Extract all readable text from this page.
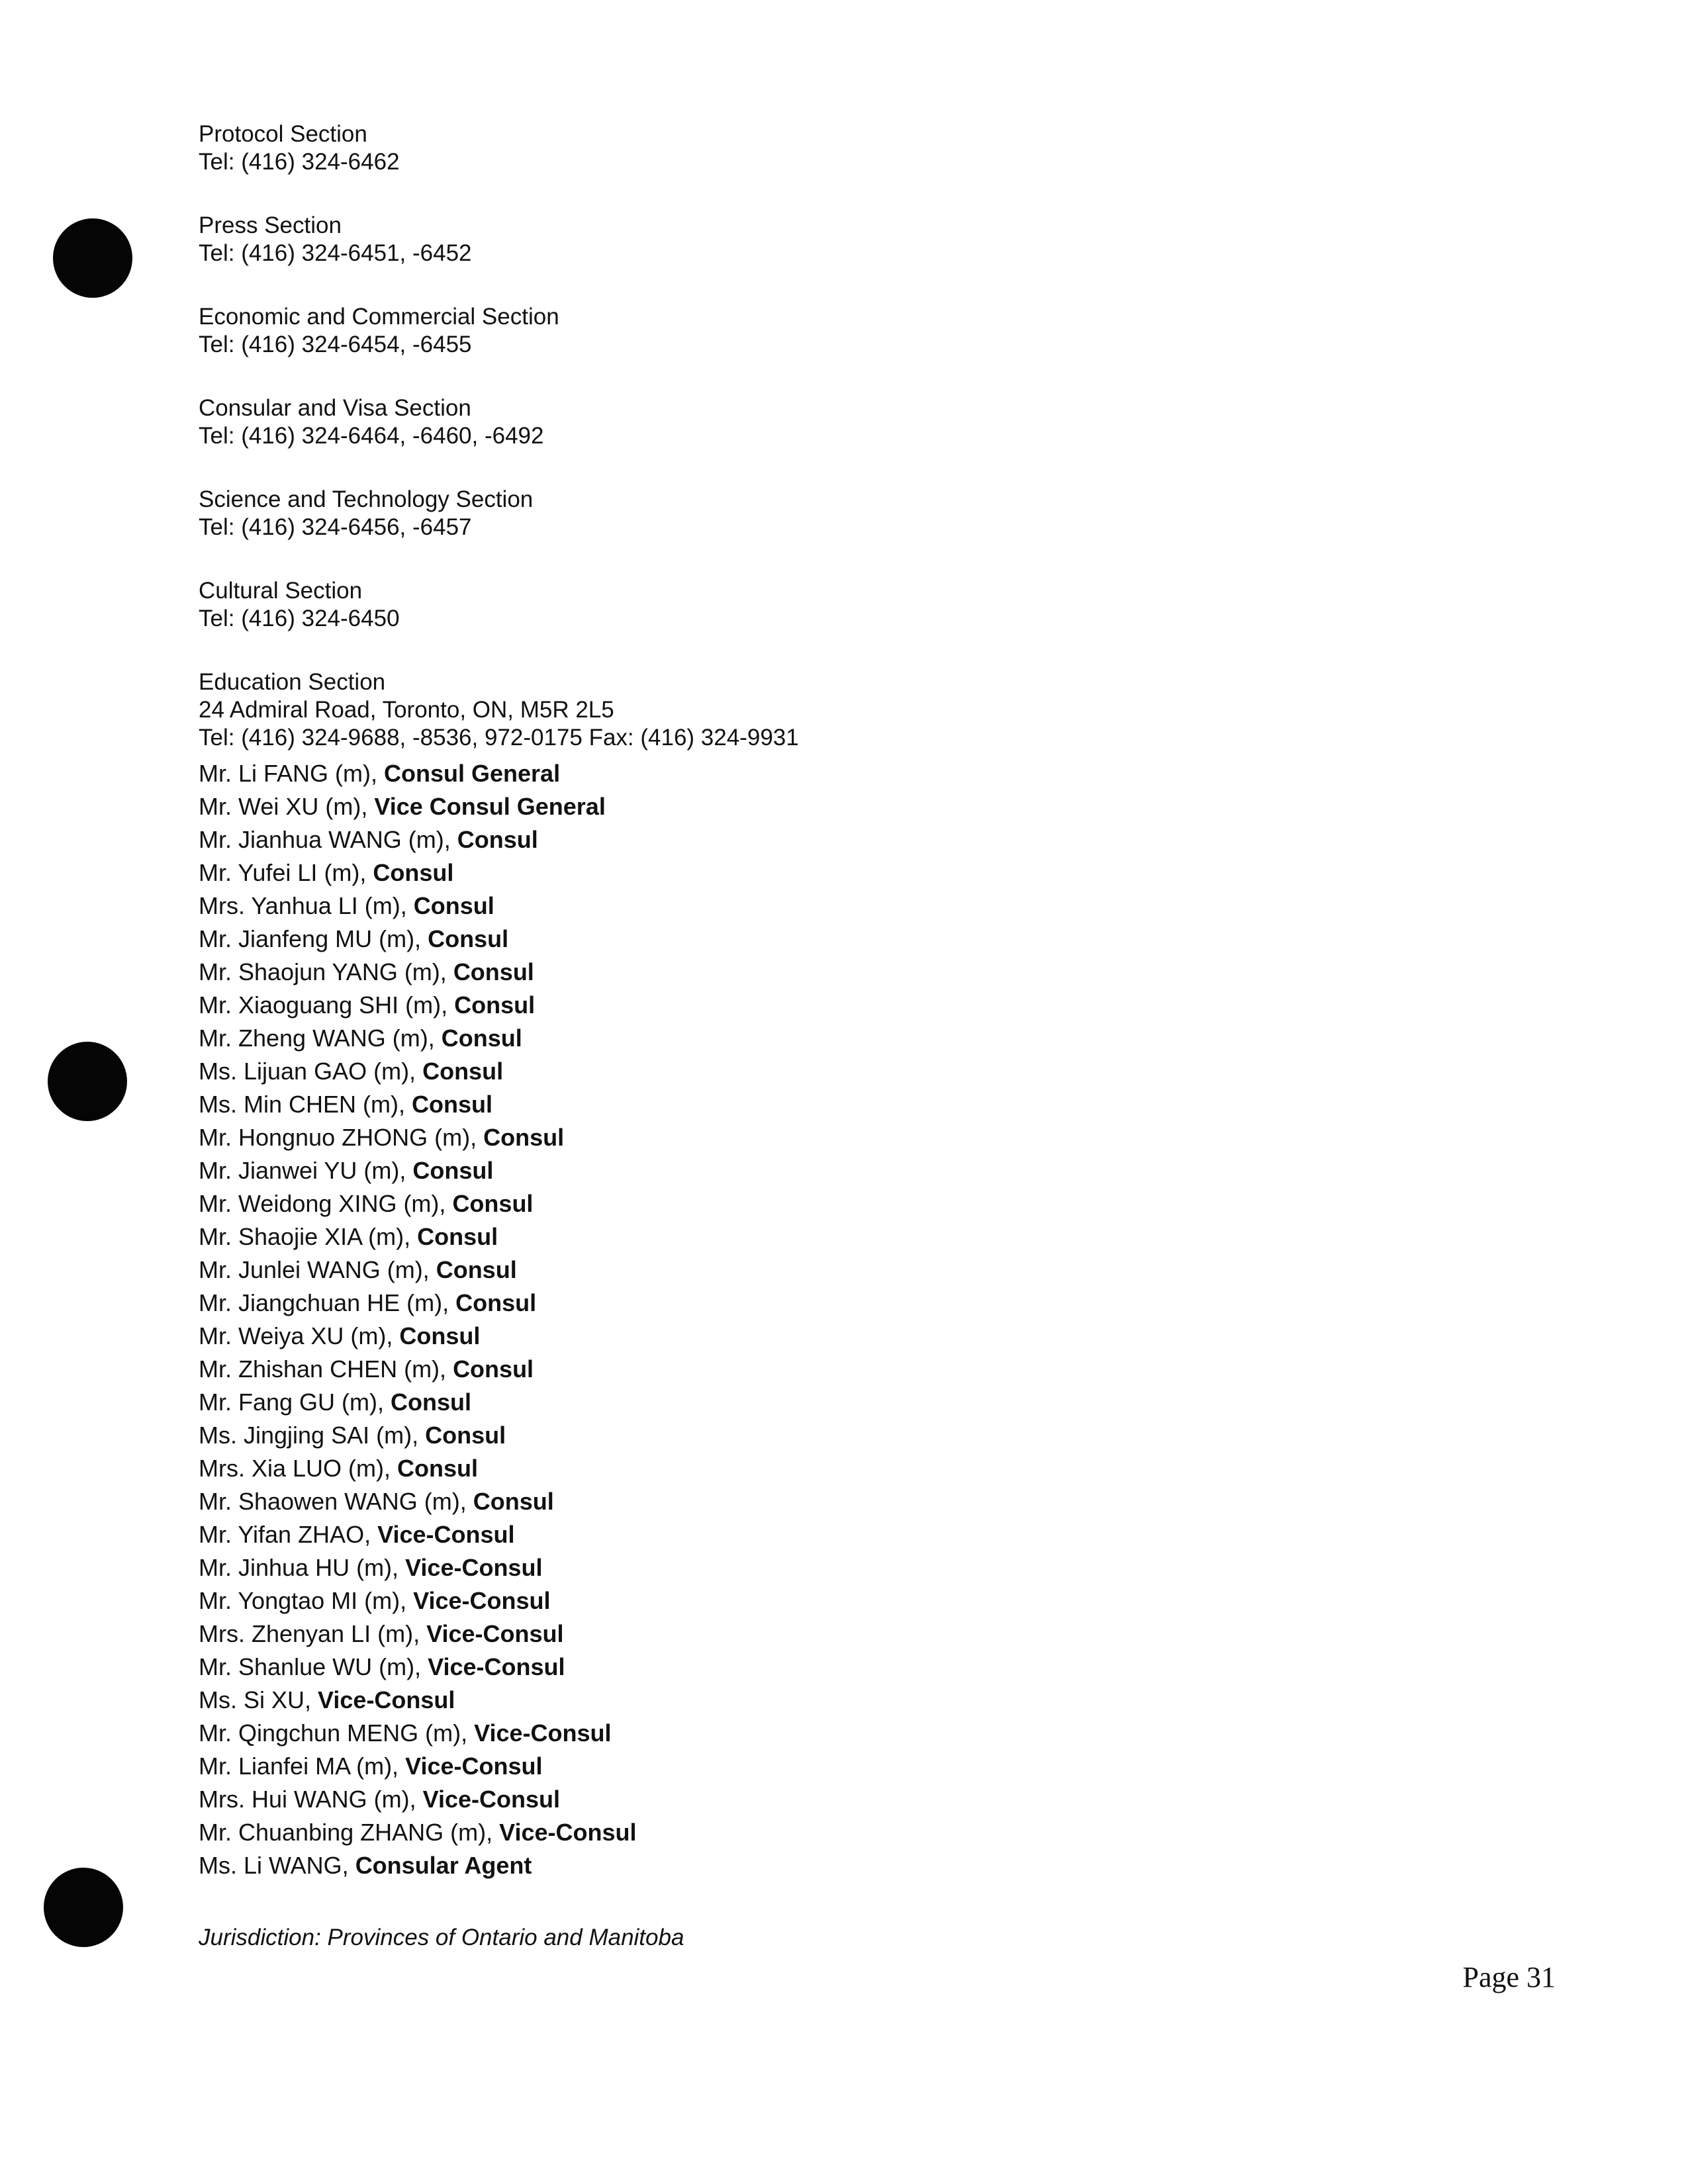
Protocol Section
Tel: (416) 324-6462
Press Section
Tel: (416) 324-6451, -6452
Economic and Commercial Section
Tel: (416) 324-6454, -6455
Consular and Visa Section
Tel: (416) 324-6464, -6460, -6492
Science and Technology Section
Tel: (416) 324-6456, -6457
Cultural Section
Tel: (416) 324-6450
Education Section
24 Admiral Road, Toronto, ON, M5R 2L5
Tel: (416) 324-9688, -8536, 972-0175 Fax: (416) 324-9931
Mr. Li FANG (m), Consul General
Mr. Wei XU (m), Vice Consul General
Mr. Jianhua WANG (m), Consul
Mr. Yufei LI (m), Consul
Mrs. Yanhua LI (m), Consul
Mr. Jianfeng MU (m), Consul
Mr. Shaojun YANG (m), Consul
Mr. Xiaoguang SHI (m), Consul
Mr. Zheng WANG (m), Consul
Ms. Lijuan GAO (m), Consul
Ms. Min CHEN (m), Consul
Mr. Hongnuo ZHONG (m), Consul
Mr. Jianwei YU (m), Consul
Mr. Weidong XING (m), Consul
Mr. Shaojie XIA (m), Consul
Mr. Junlei WANG (m), Consul
Mr. Jiangchuan HE (m), Consul
Mr. Weiya XU (m), Consul
Mr. Zhishan CHEN (m), Consul
Mr. Fang GU (m), Consul
Ms. Jingjing SAI (m), Consul
Mrs. Xia LUO (m), Consul
Mr. Shaowen WANG (m), Consul
Mr. Yifan ZHAO, Vice-Consul
Mr. Jinhua HU (m), Vice-Consul
Mr. Yongtao MI (m), Vice-Consul
Mrs. Zhenyan LI (m), Vice-Consul
Mr. Shanlue WU (m), Vice-Consul
Ms. Si XU, Vice-Consul
Mr. Qingchun MENG (m), Vice-Consul
Mr. Lianfei MA (m), Vice-Consul
Mrs. Hui WANG (m), Vice-Consul
Mr. Chuanbing ZHANG (m), Vice-Consul
Ms. Li WANG, Consular Agent
Jurisdiction: Provinces of Ontario and Manitoba
Page 31
